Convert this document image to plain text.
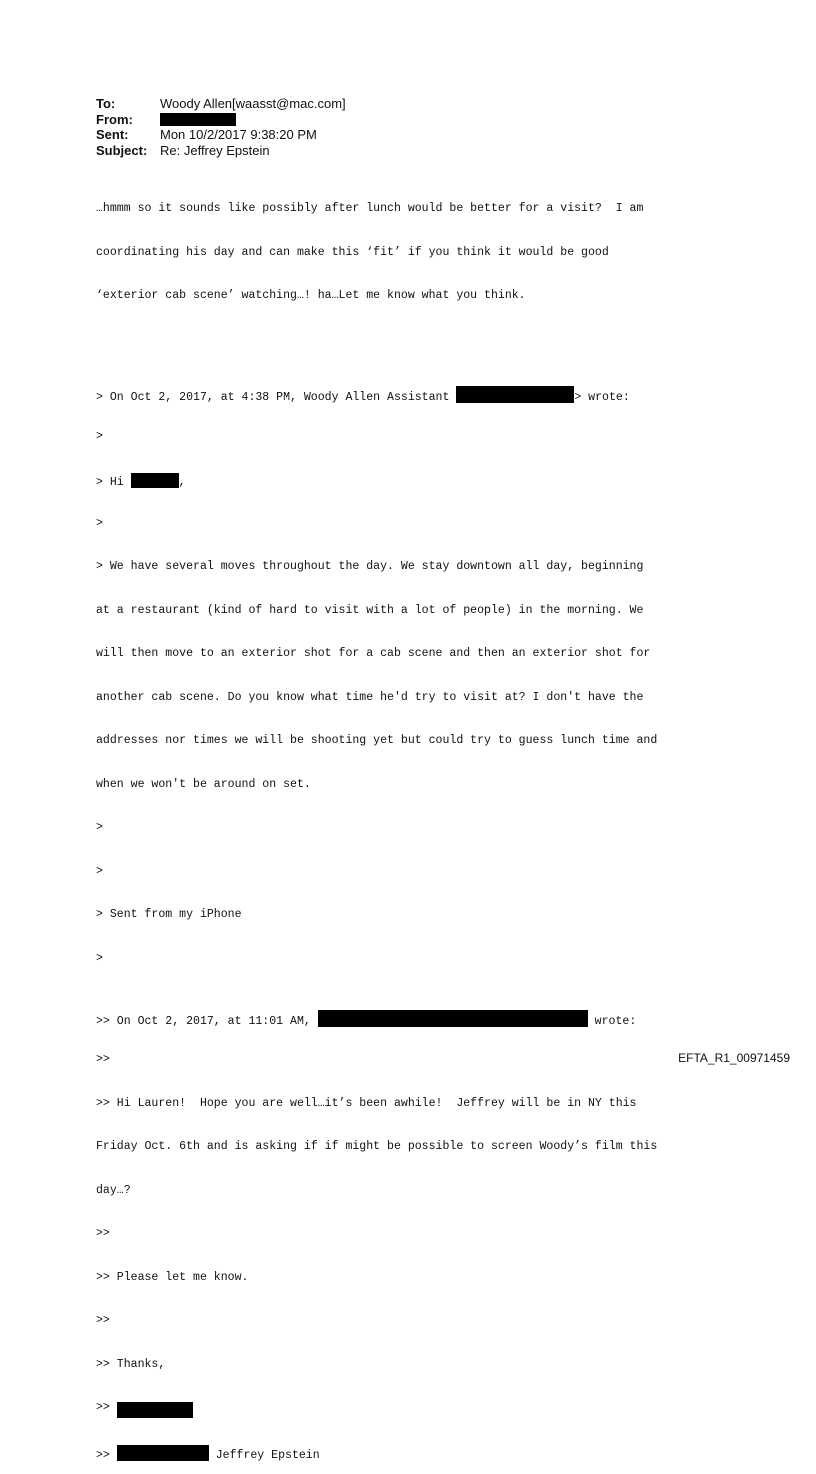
To:	Woody Allen[waasst@mac.com]
From:
Sent:	Mon 10/2/2017 9:38:20 PM
Subject: Re: Jeffrey Epstein

…hmmm so it sounds like possibly after lunch would be better for a visit?  I am

coordinating his day and can make this ‘fit’ if you think it would be good

‘exterior cab scene’ watching…! ha…Let me know what you think.

> On Oct 2, 2017, at 4:38 PM, Woody Allen Assistant	> wrote:

>

> Hi	,

>

> We have several moves throughout the day. We stay downtown all day, beginning

at a restaurant (kind of hard to visit with a lot of people) in the morning. We

will then move to an exterior shot for a cab scene and then an exterior shot for

another cab scene. Do you know what time he'd try to visit at? I don't have the

addresses nor times we will be shooting yet but could try to guess lunch time and

when we won't be around on set.

>

>

> Sent from my iPhone

>

>> On Oct 2, 2017, at 11:01 AM,	wrote:

>>

>> Hi Lauren!  Hope you are well…it’s been awhile!  Jeffrey will be in NY this

Friday Oct. 6th and is asking if if might be possible to screen Woody’s film this

day…?

>>

>> Please let me know.

>>

>> Thanks,

>>

>>	Jeffrey Epstein

EFTA_R1_00971459
